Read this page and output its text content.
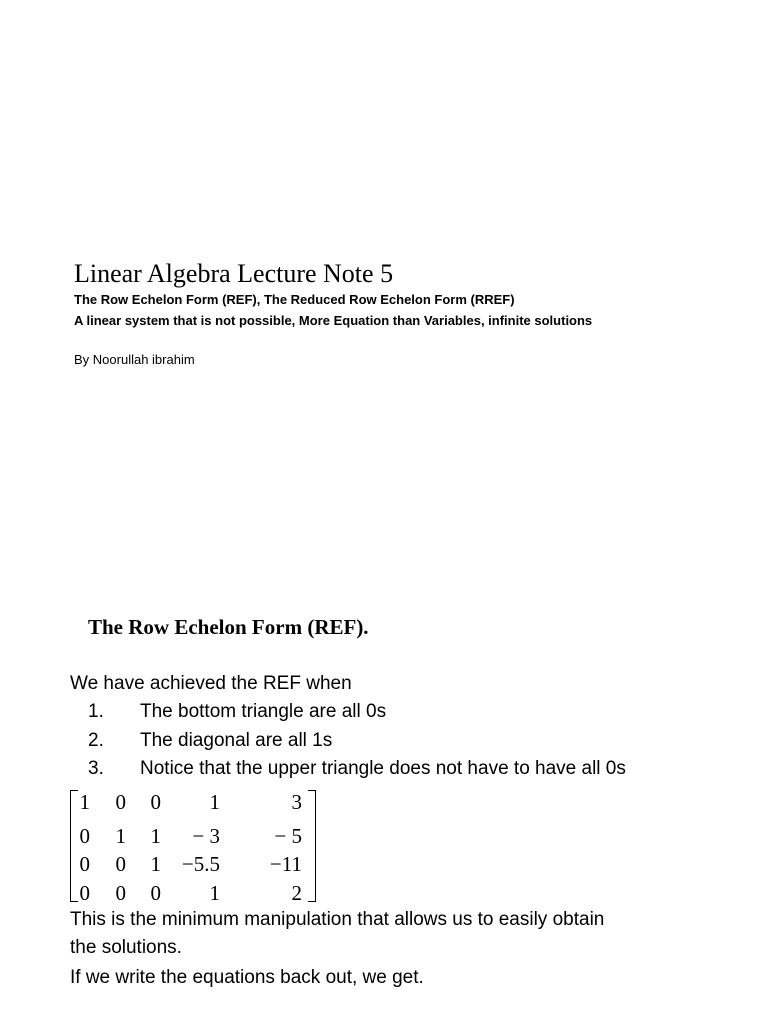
Linear Algebra Lecture Note 5
The Row Echelon Form (REF), The Reduced Row Echelon Form (RREF)
A linear system that is not possible, More Equation than Variables, infinite solutions
By Noorullah ibrahim
The Row Echelon Form (REF).
We have achieved the REF when
1. The bottom triangle are all 0s
2. The diagonal are all 1s
3. Notice that the upper triangle does not have to have all 0s
1 0 0 1	3
0 1 1 − 3	− 5
0 0 1 −5.5 −11
0 0 0 1	2
This is the minimum manipulation that allows us to easily obtain
the solutions.
If we write the equations back out, we get.
